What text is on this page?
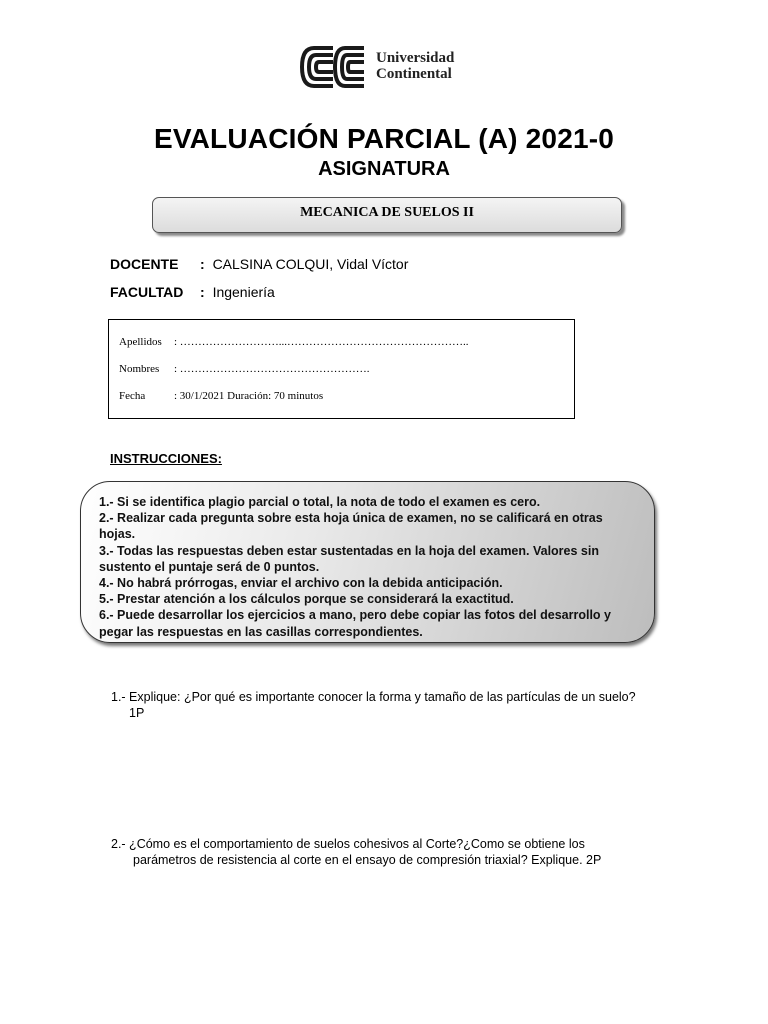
Universidad
Continental
EVALUACIÓN PARCIAL (A) 2021-0
ASIGNATURA
MECANICA DE SUELOS II
DOCENTE : CALSINA COLQUI, Vidal Víctor
FACULTAD : Ingeniería
Apellidos : ………………………...…………………………………………..
Nombres : …………………………………………….
Fecha	: 30/1/2021 Duración: 70 minutos
INSTRUCCIONES:
1.- Si se identifica plagio parcial o total, la nota de todo el examen es cero.
2.- Realizar cada pregunta sobre esta hoja única de examen, no se calificará en otras hojas.
3.- Todas las respuestas deben estar sustentadas en la hoja del examen. Valores sin
sustento el puntaje será de 0 puntos.
4.- No habrá prórrogas, enviar el archivo con la debida anticipación.
5.- Prestar atención a los cálculos porque se considerará la exactitud.
6.- Puede desarrollar los ejercicios a mano, pero debe copiar las fotos del desarrollo y
pegar las respuestas en las casillas correspondientes.
1.- Explique: ¿Por qué es importante conocer la forma y tamaño de las partículas de un suelo?
1P
2.- ¿Cómo es el comportamiento de suelos cohesivos al Corte?¿Como se obtiene los
parámetros de resistencia al corte en el ensayo de compresión triaxial? Explique. 2P
